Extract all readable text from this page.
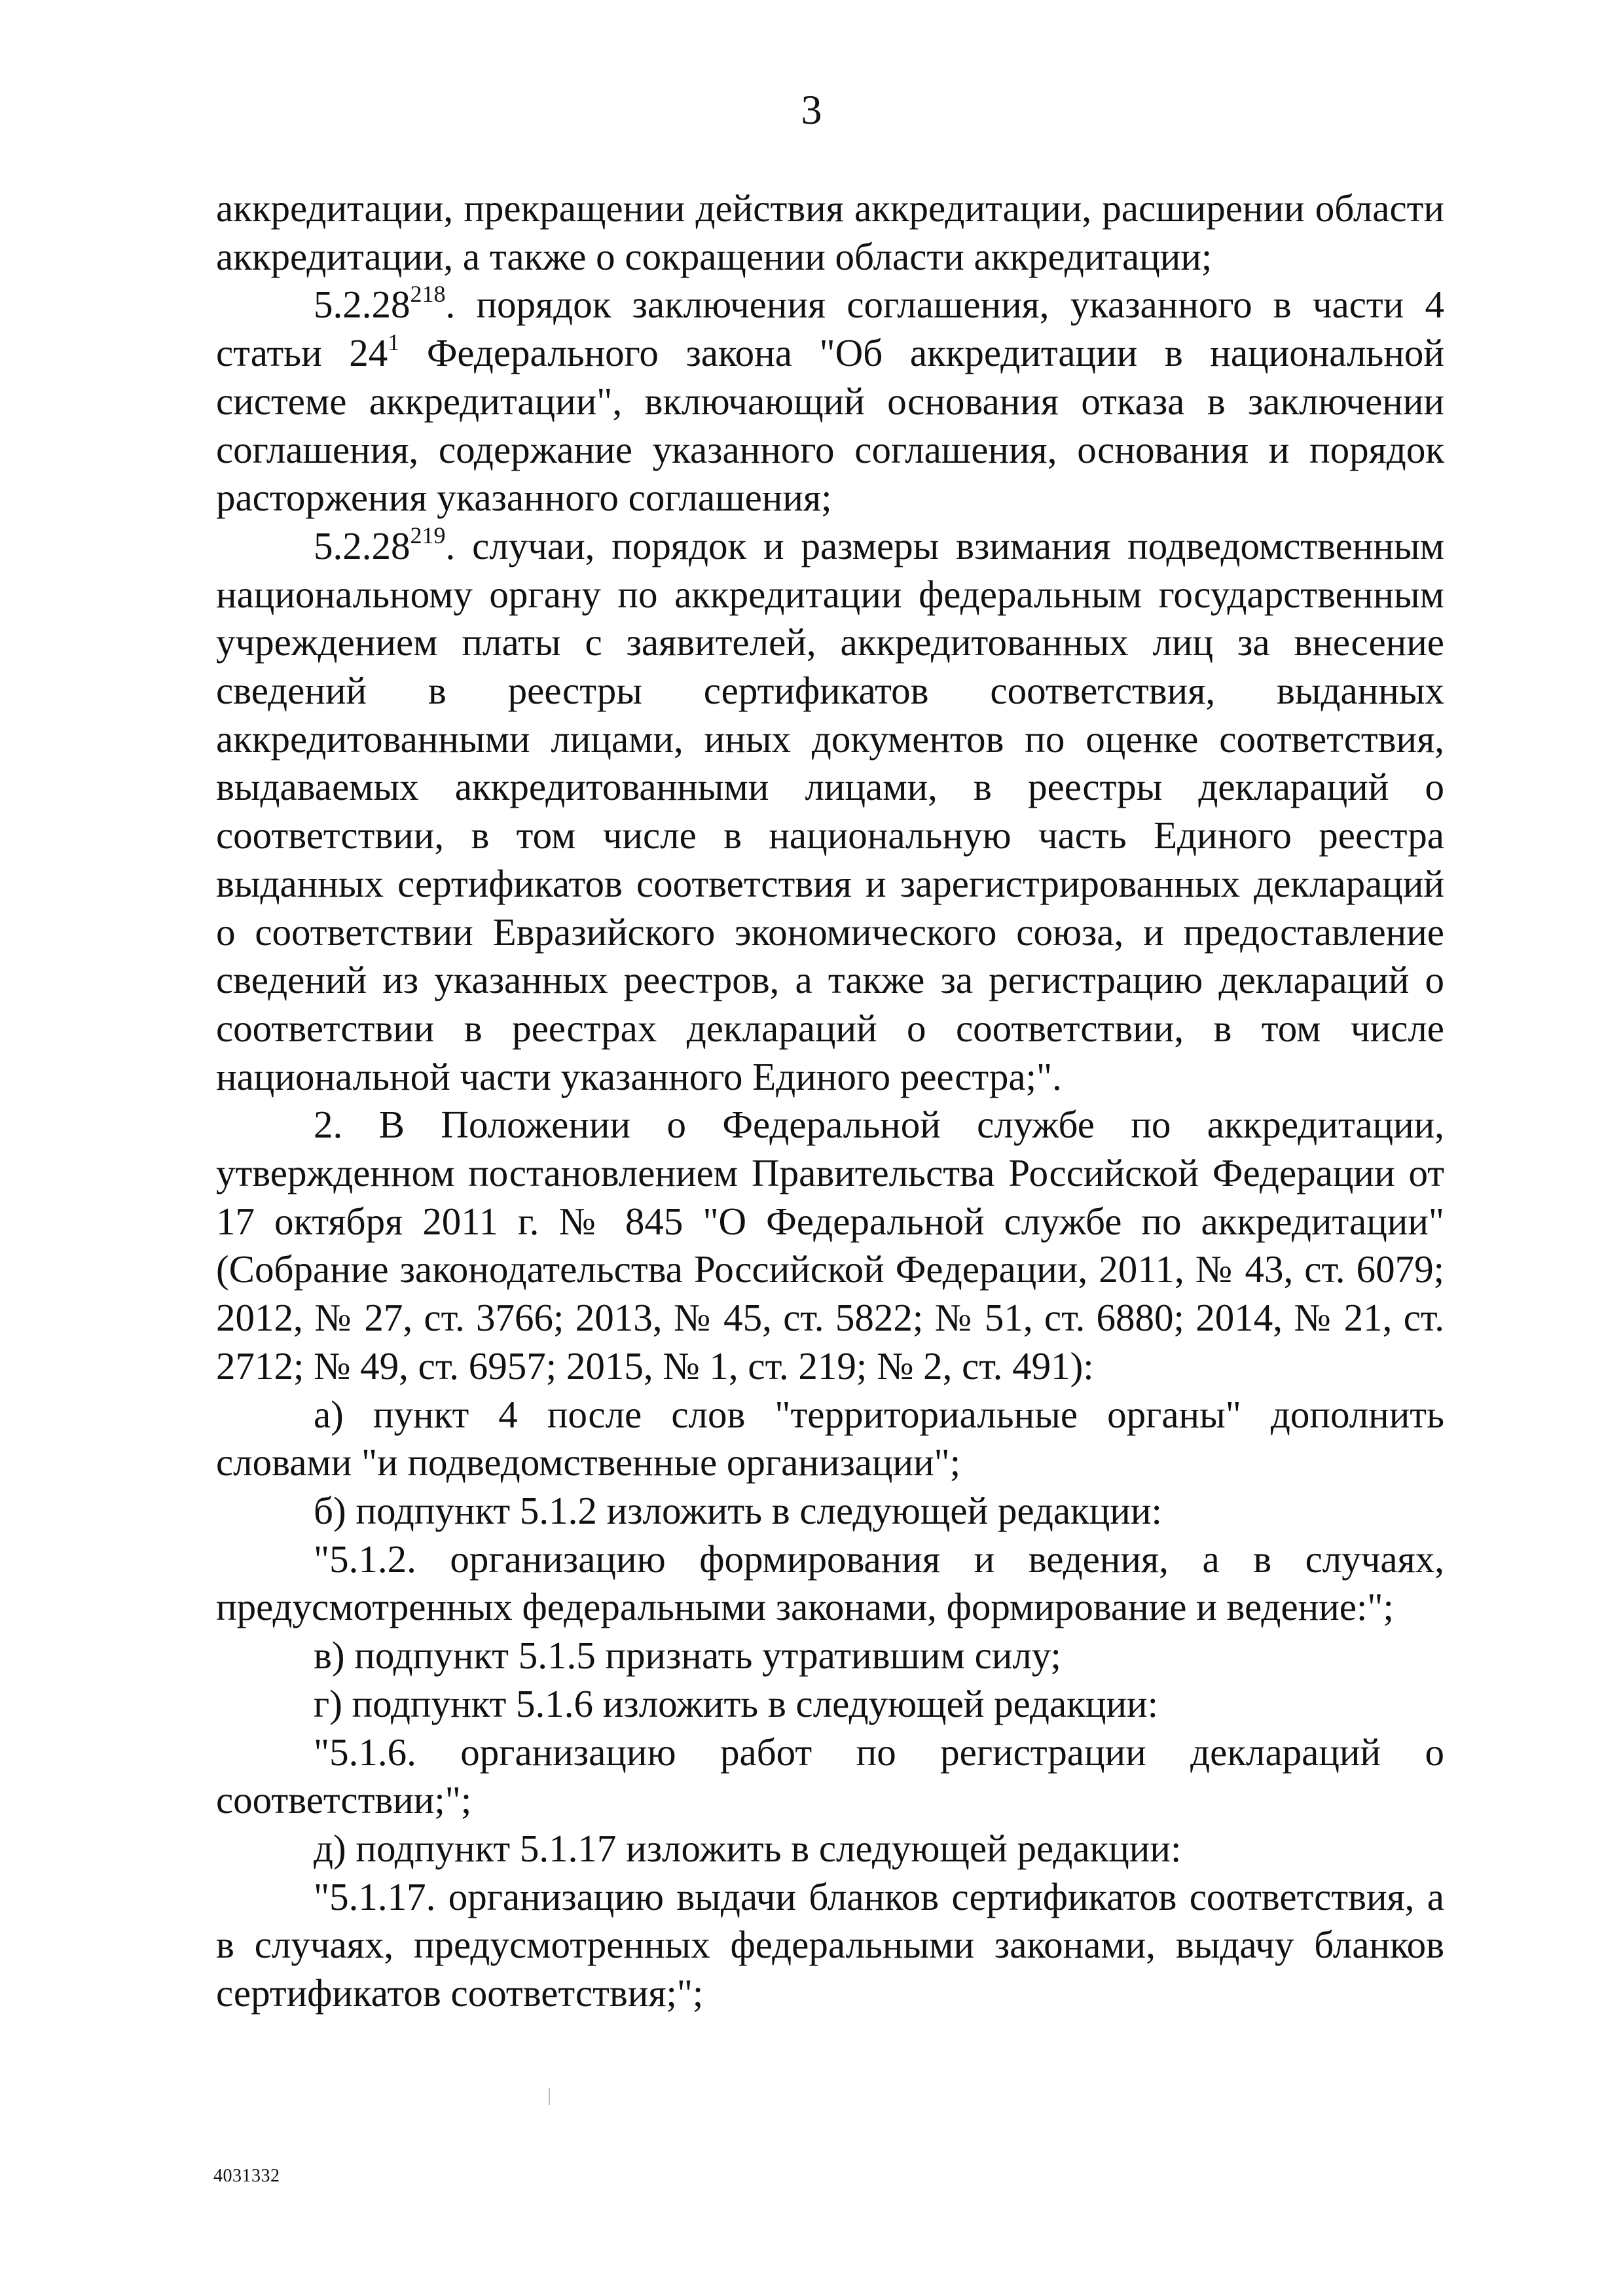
3

аккредитации, прекращении действия аккредитации, расширении области аккредитации, а также о сокращении области аккредитации;

5.2.28$^{218}$. порядок заключения соглашения, указанного в части 4 статьи $24^1$ Федерального закона "Об аккредитации в национальной системе аккредитации", включающий основания отказа в заключении соглашения, содержание указанного соглашения, основания и порядок расторжения указанного соглашения;

5.2.28$^{219}$. случаи, порядок и размеры взимания подведомственным национальному органу по аккредитации федеральным государственным учреждением платы с заявителей, аккредитованных лиц за внесение сведений в реестры сертификатов соответствия, выданных аккредитованными лицами, иных документов по оценке соответствия, выдаваемых аккредитованными лицами, в реестры деклараций о соответствии, в том числе в национальную часть Единого реестра выданных сертификатов соответствия и зарегистрированных деклараций о соответствии Евразийского экономического союза, и предоставление сведений из указанных реестров, а также за регистрацию деклараций о соответствии в реестрах деклараций о соответствии, в том числе национальной части указанного Единого реестра;".

2. В Положении о Федеральной службе по аккредитации, утвержденном постановлением Правительства Российской Федерации от 17 октября 2011 г. № 845 "О Федеральной службе по аккредитации" (Собрание законодательства Российской Федерации, 2011, № 43, ст. 6079; 2012, № 27, ст. 3766; 2013, № 45, ст. 5822; № 51, ст. 6880; 2014, № 21, ст. 2712; № 49, ст. 6957; 2015, № 1, ст. 219; № 2, ст. 491):

а) пункт 4 после слов "территориальные органы" дополнить словами "и подведомственные организации";

б) подпункт 5.1.2 изложить в следующей редакции:

"5.1.2. организацию формирования и ведения, а в случаях, предусмотренных федеральными законами, формирование и ведение:";

в) подпункт 5.1.5 признать утратившим силу;

г) подпункт 5.1.6 изложить в следующей редакции:

"5.1.6. организацию работ по регистрации деклараций о соответствии;";

д) подпункт 5.1.17 изложить в следующей редакции:

"5.1.17. организацию выдачи бланков сертификатов соответствия, а в случаях, предусмотренных федеральными законами, выдачу бланков сертификатов соответствия;";

4031332
